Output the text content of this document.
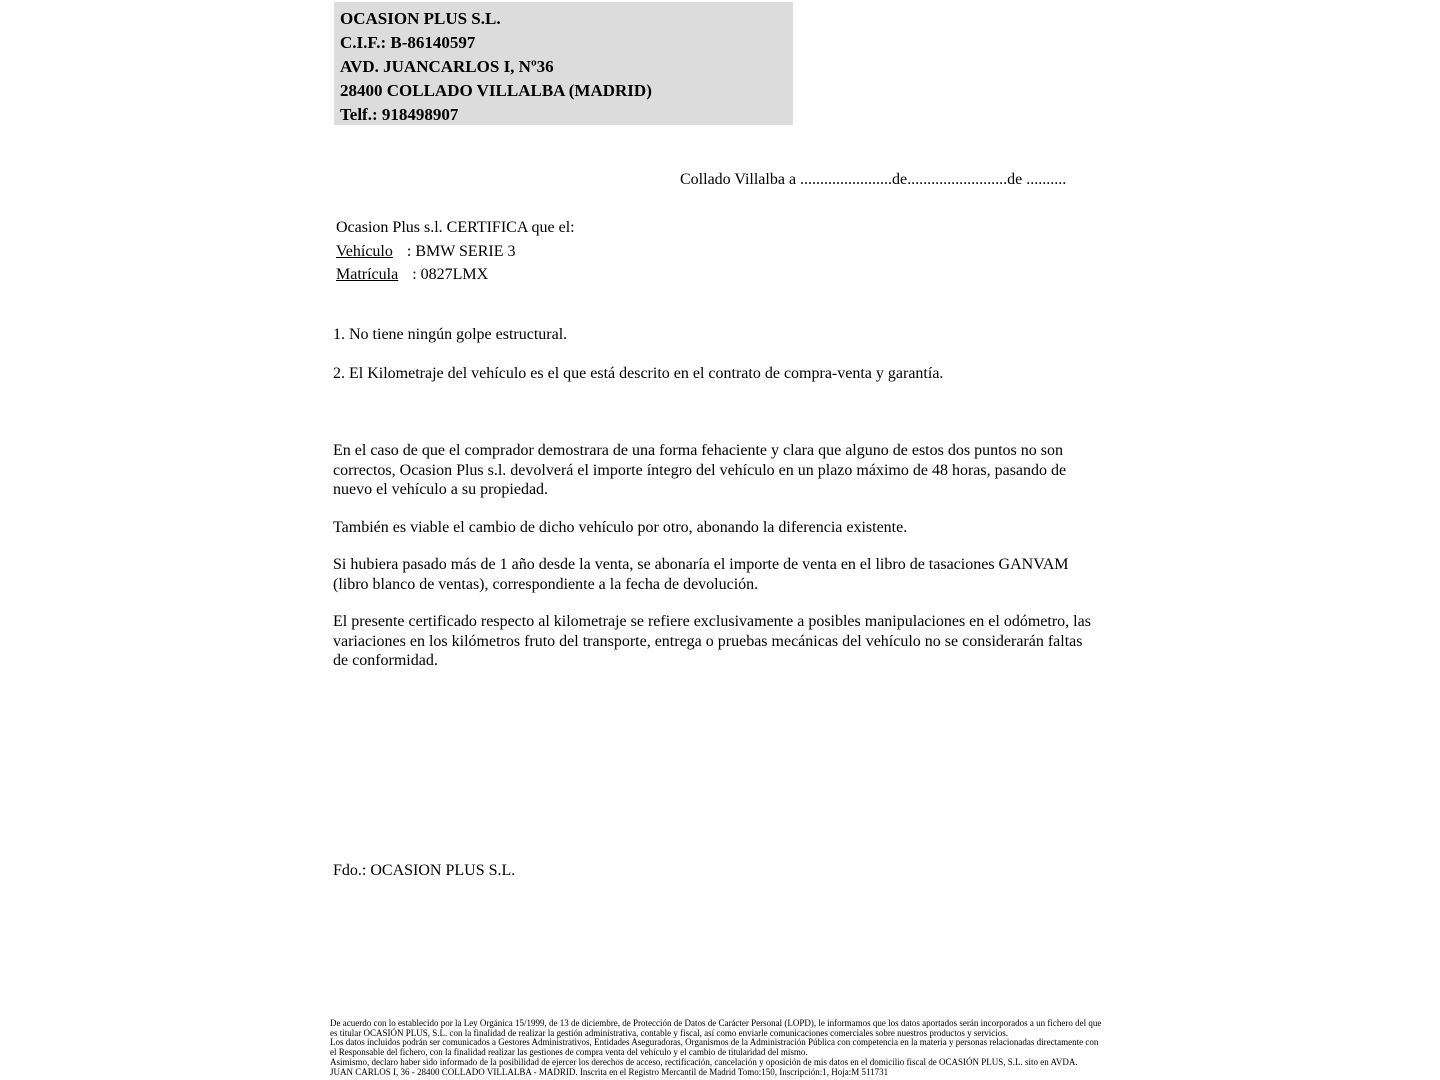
OCASION PLUS S.L.
C.I.F.: B-86140597
AVD. JUANCARLOS I, Nº36
28400 COLLADO VILLALBA (MADRID)
Telf.: 918498907
Collado Villalba a .......................de.........................de ..........
Ocasion Plus s.l. CERTIFICA que el:
Vehículo : BMW SERIE 3
Matrícula : 0827LMX
1. No tiene ningún golpe estructural.
2. El Kilometraje del vehículo es el que está descrito en el contrato de compra-venta y garantía.

En el caso de que el comprador demostrara de una forma fehaciente y clara que alguno de estos dos puntos no son correctos, Ocasion Plus s.l. devolverá el importe íntegro del vehículo en un plazo máximo de 48 horas, pasando de nuevo el vehículo a su propiedad.

También es viable el cambio de dicho vehículo por otro, abonando la diferencia existente.

Si hubiera pasado más de 1 año desde la venta, se abonaría el importe de venta en el libro de tasaciones GANVAM (libro blanco de ventas), correspondiente a la fecha de devolución.

El presente certificado respecto al kilometraje se refiere exclusivamente a posibles manipulaciones en el odómetro, las variaciones en los kilómetros fruto del transporte, entrega o pruebas mecánicas del vehículo no se considerarán faltas de conformidad.

Fdo.: OCASION PLUS S.L.
De acuerdo con lo establecido por la Ley Orgánica 15/1999, de 13 de diciembre, de Protección de Datos de Carácter Personal (LOPD), le informamos que los datos aportados serán incorporados a un fichero del que es titular OCASIÓN PLUS, S.L. con la finalidad de realizar la gestión administrativa, contable y fiscal, así como enviarle comunicaciones comerciales sobre nuestros productos y servicios.
Los datos incluidos podrán ser comunicados a Gestores Administrativos, Entidades Aseguradoras, Organismos de la Administración Pública con competencia en la materia y personas relacionadas directamente con el Responsable del fichero, con la finalidad realizar las gestiones de compra venta del vehículo y el cambio de titularidad del mismo.
Asimismo, declaro haber sido informado de la posibilidad de ejercer los derechos de acceso, rectificación, cancelación y oposición de mis datos en el domicilio fiscal de OCASIÓN PLUS, S.L. sito en AVDA. JUAN CARLOS I, 36 - 28400 COLLADO VILLALBA - MADRID. Inscrita en el Registro Mercantil de Madrid Tomo:150, Inscripción:1, Hoja:M 511731
